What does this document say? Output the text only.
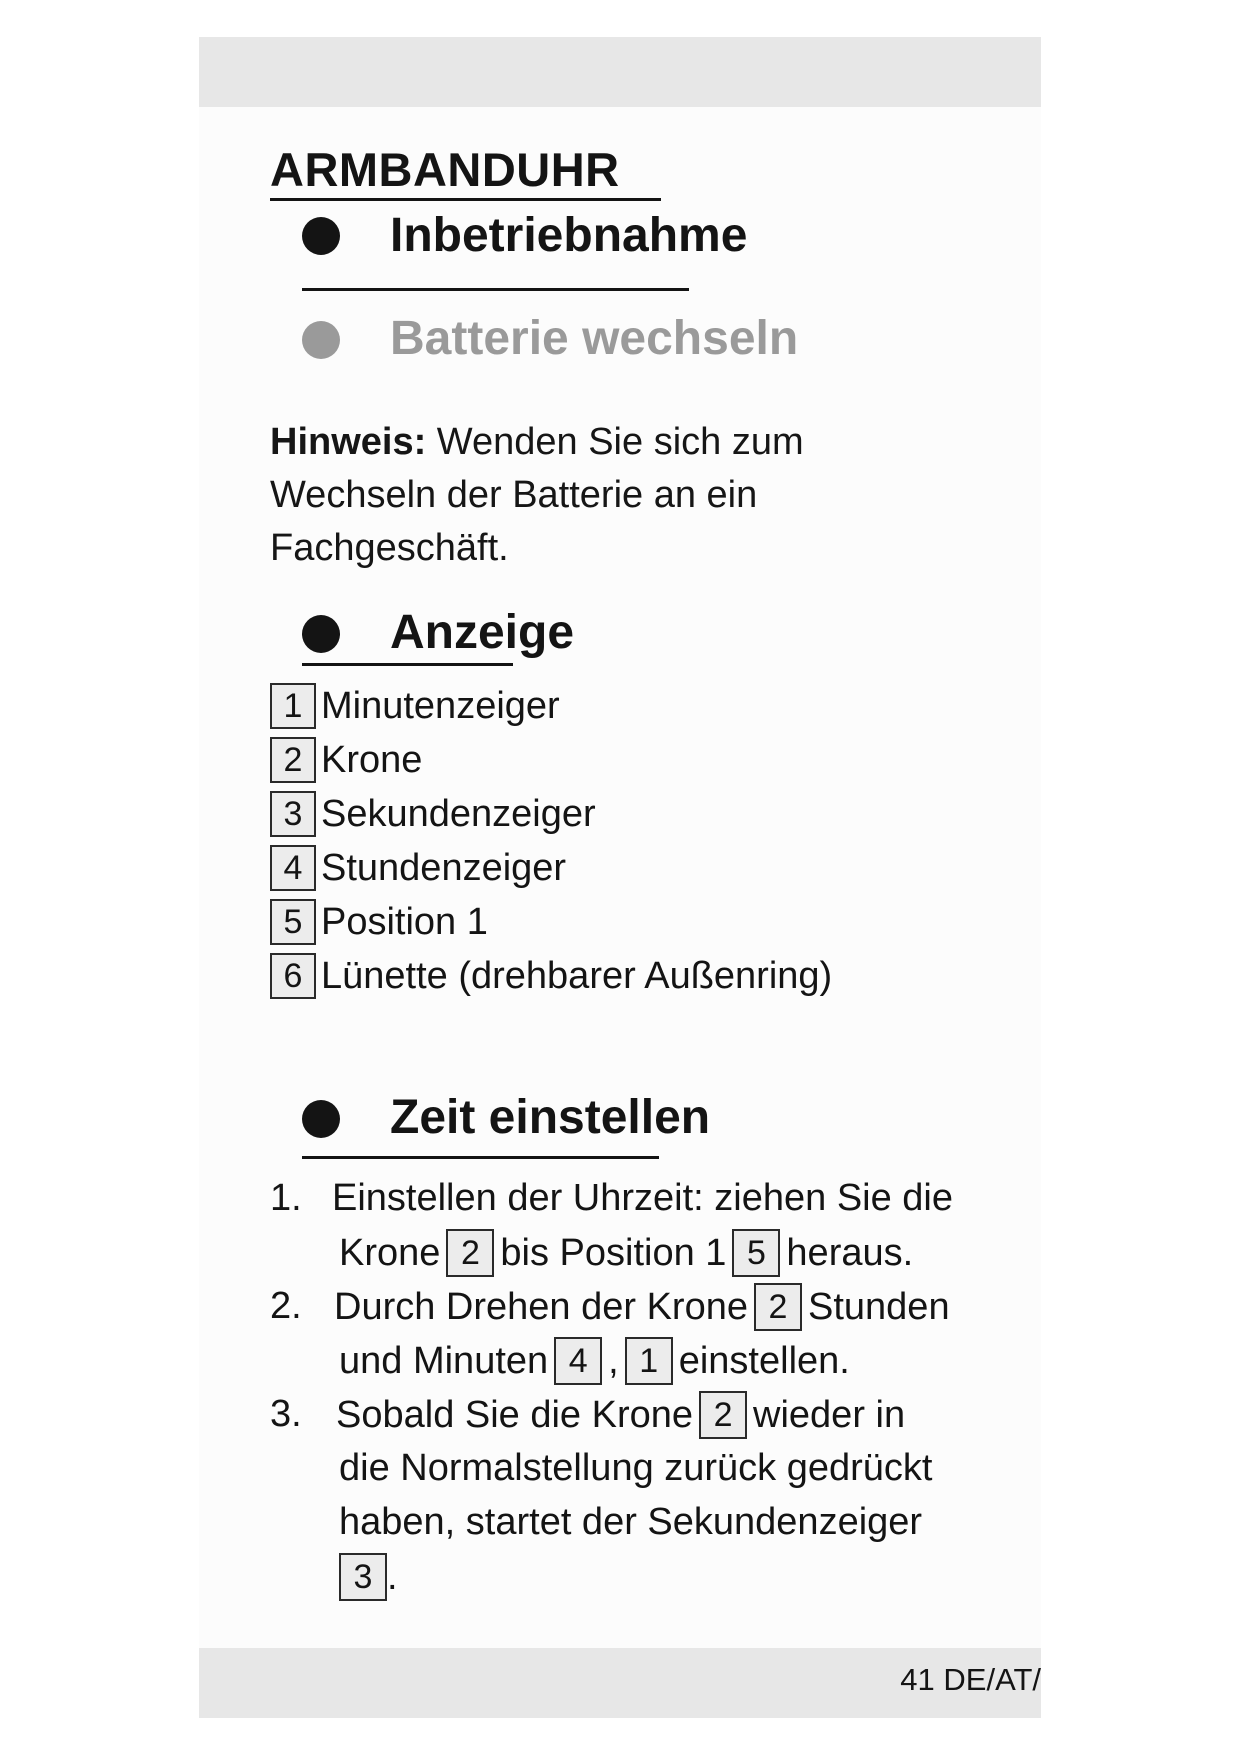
ARMBANDUHR
Inbetriebnahme
Batterie wechseln
Hinweis: Wenden Sie sich zum
Wechseln der Batterie an ein
Fachgeschäft.
Anzeige
1 Minutenzeiger
2 Krone
3 Sekundenzeiger
4 Stundenzeiger
5 Position 1
6 Lünette (drehbarer Außenring)
Zeit einstellen
1. Einstellen der Uhrzeit: ziehen Sie die
Krone 2 bis Position 1 5 heraus.
2. Durch Drehen der Krone 2 Stunden
und Minuten 4 , 1 einstellen.
3. Sobald Sie die Krone 2 wieder in
die Normalstellung zurück gedrückt
haben, startet der Sekundenzeiger
3 .
41 DE/AT/
